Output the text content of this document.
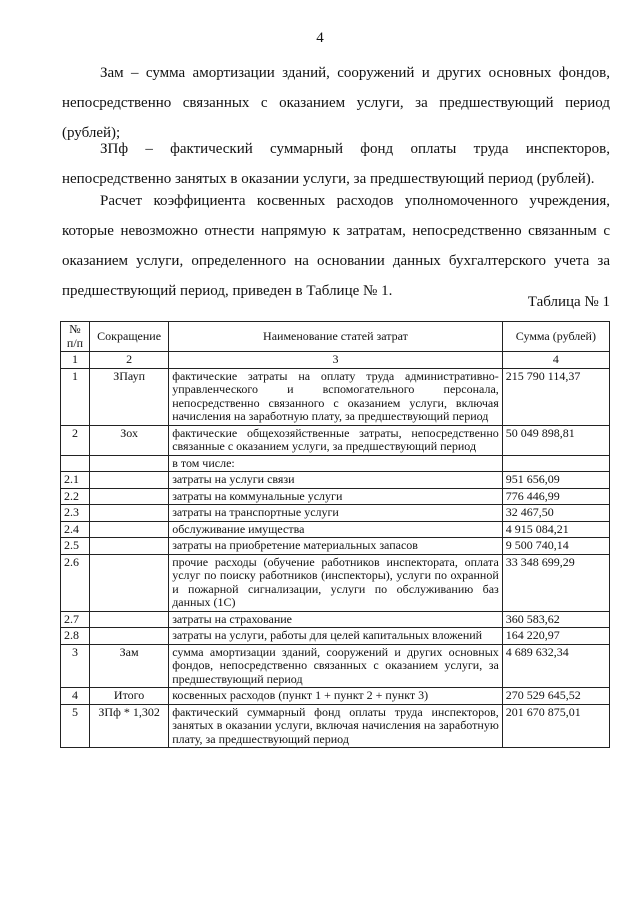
4
Зам – сумма амортизации зданий, сооружений и других основных фондов, непосредственно связанных с оказанием услуги, за предшествующий период (рублей);
ЗПф – фактический суммарный фонд оплаты труда инспекторов, непосредственно занятых в оказании услуги, за предшествующий период (рублей).
Расчет коэффициента косвенных расходов уполномоченного учреждения, которые невозможно отнести напрямую к затратам, непосредственно связанным с оказанием услуги, определенного на основании данных бухгалтерского учета за предшествующий период, приведен в Таблице № 1.
Таблица № 1
№ п/п	Сокращение	Наименование статей затрат	Сумма (рублей)
1	2	3	4
1	ЗПауп	фактические затраты на оплату труда административно-управленческого и вспомогательного персонала, непосредственно связанного с оказанием услуги, включая начисления на заработную плату, за предшествующий период	215 790 114,37
2	Зох	фактические общехозяйственные затраты, непосредственно связанные с оказанием услуги, за предшествующий период	50 049 898,81
		в том числе:	
2.1		затраты на услуги связи	951 656,09
2.2		затраты на коммунальные услуги	776 446,99
2.3		затраты на транспортные услуги	32 467,50
2.4		обслуживание имущества	4 915 084,21
2.5		затраты на приобретение материальных запасов	9 500 740,14
2.6		прочие расходы (обучение работников инспектората, оплата услуг по поиску работников (инспекторы), услуги по охранной и пожарной сигнализации, услуги по обслуживанию баз данных (1С)	33 348 699,29
2.7		затраты на страхование	360 583,62
2.8		затраты на услуги, работы для целей капитальных вложений	164 220,97
3	Зам	сумма амортизации зданий, сооружений и других основных фондов, непосредственно связанных с оказанием услуги, за предшествующий период	4 689 632,34
4	Итого	косвенных расходов (пункт 1 + пункт 2 + пункт 3)	270 529 645,52
5	ЗПф * 1,302	фактический суммарный фонд оплаты труда инспекторов, занятых в оказании услуги, включая начисления на заработную плату, за предшествующий период	201 670 875,01
